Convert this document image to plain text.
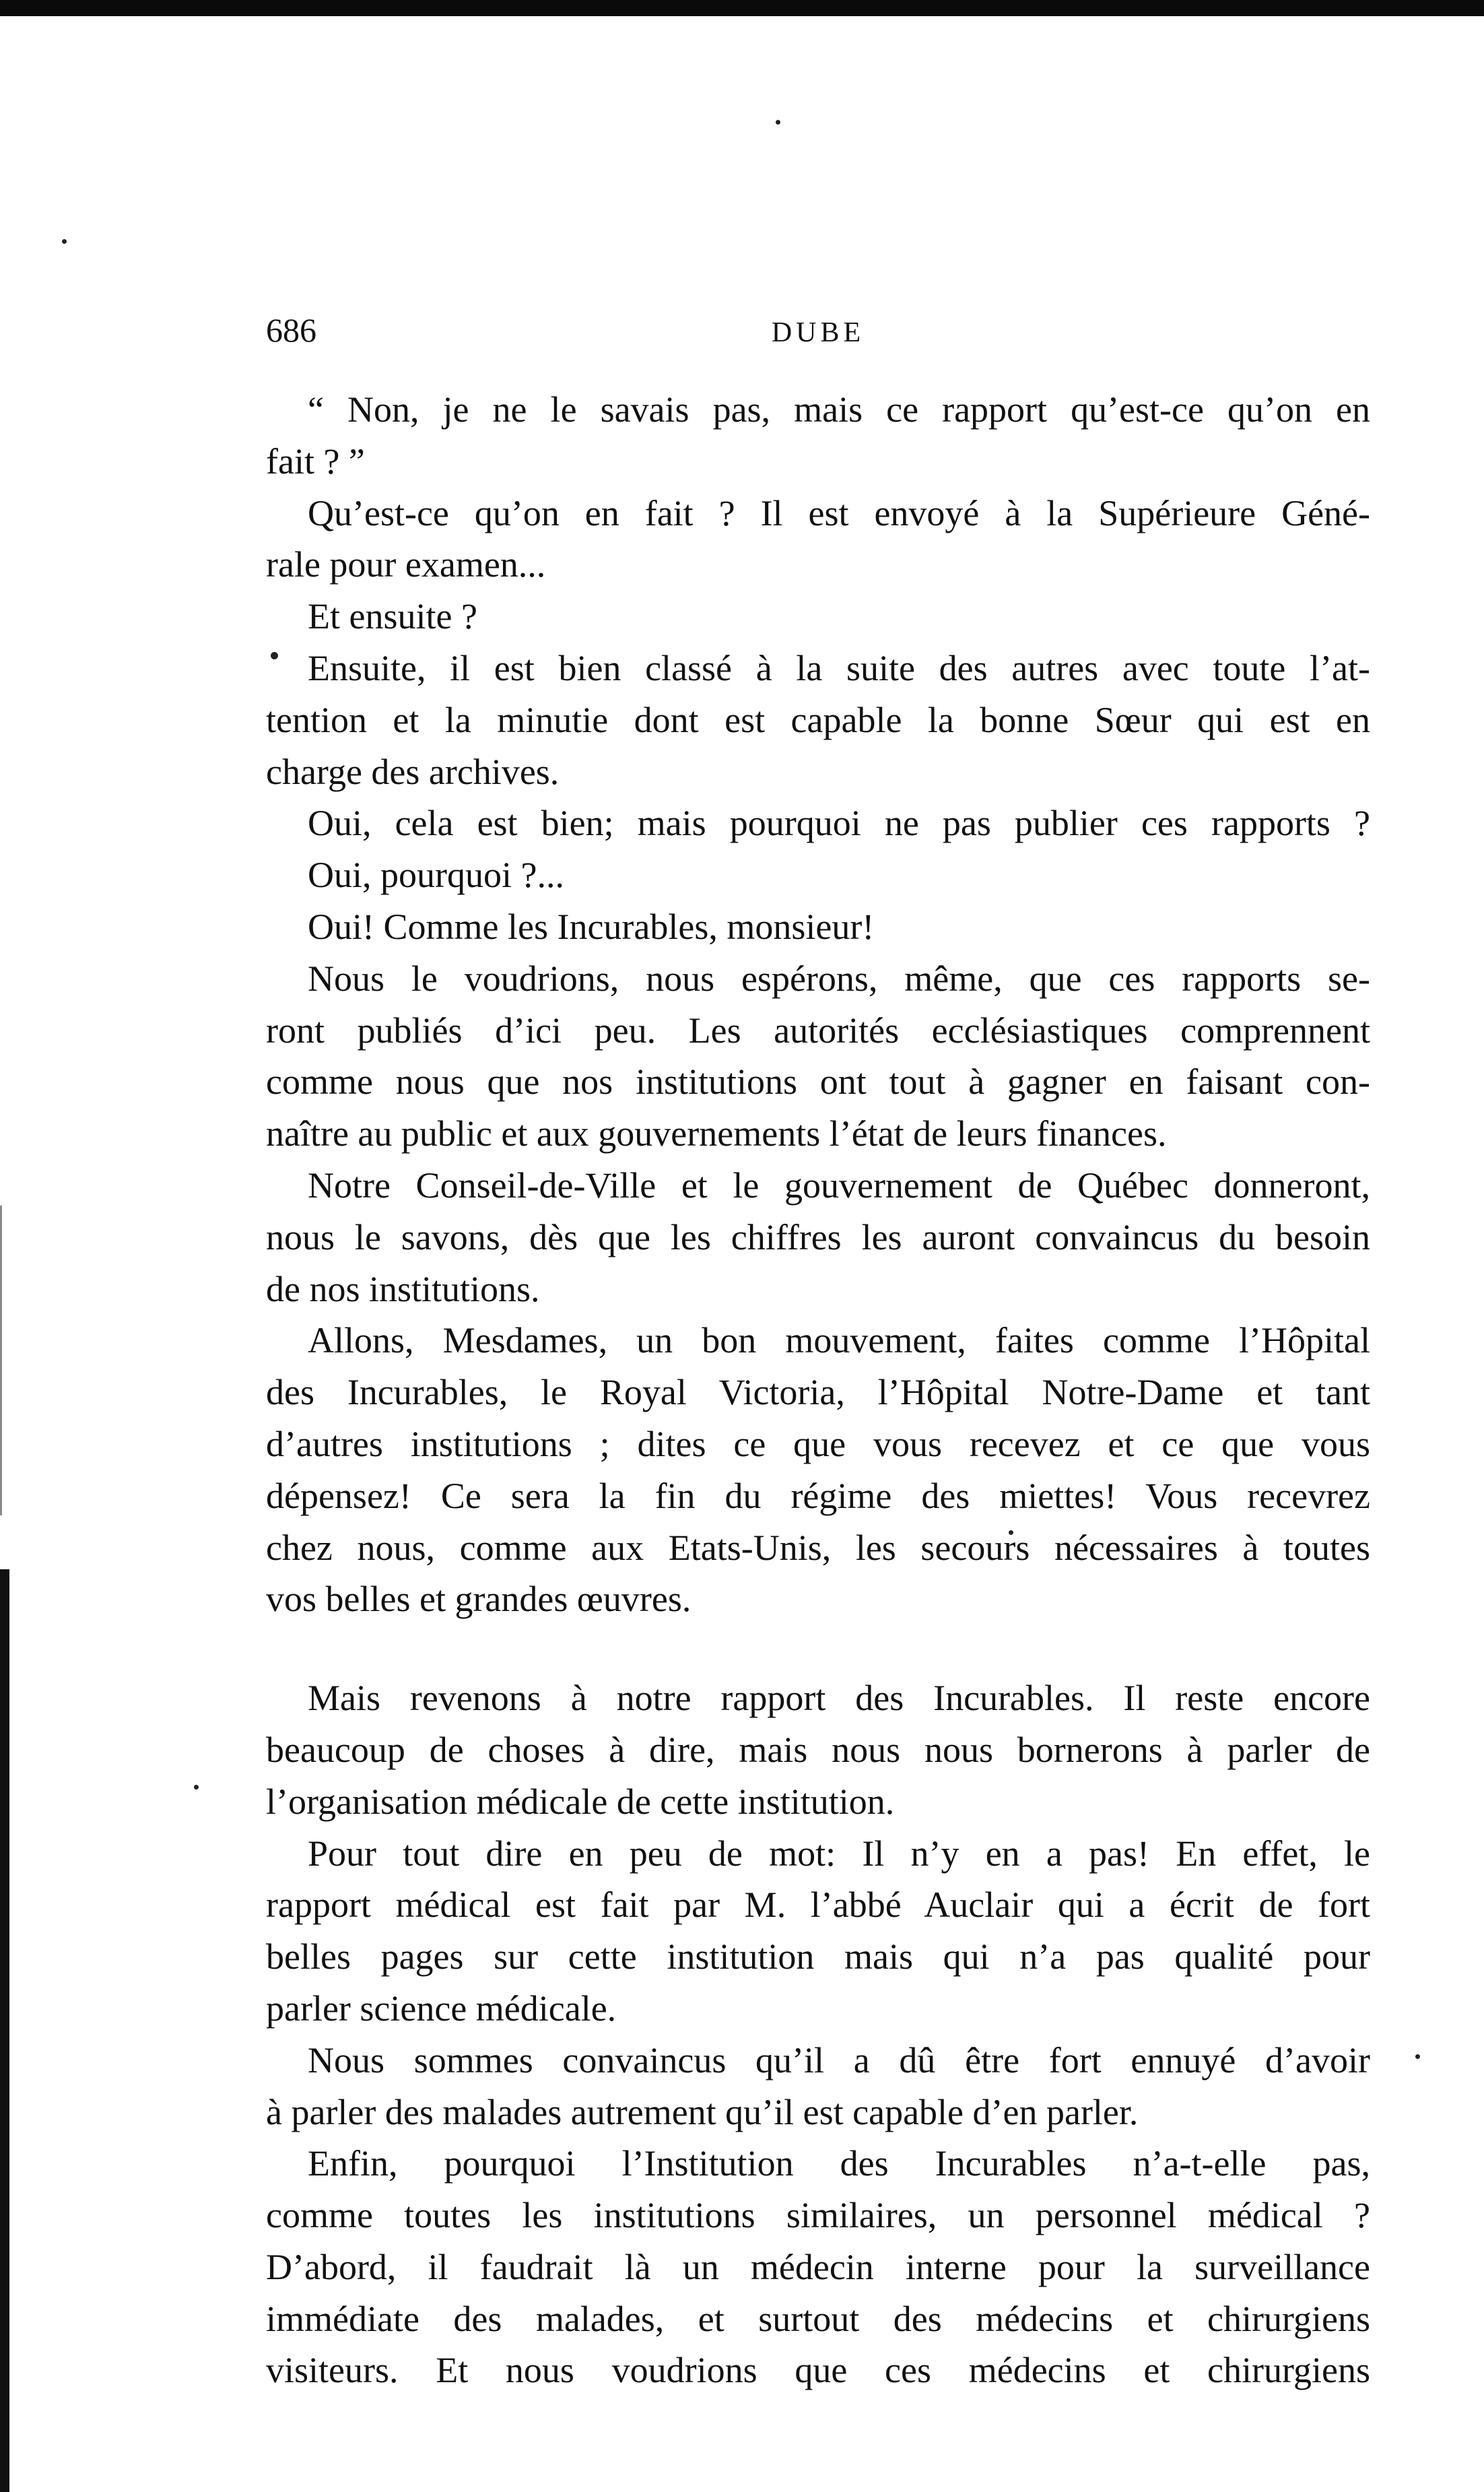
686	DUBE
“ Non, je ne le savais pas, mais ce rapport qu’est-ce qu’on en
fait ? ”
Qu’est-ce qu’on en fait ? Il est envoyé à la Supérieure Géné-
rale pour examen...
Et ensuite ?
Ensuite, il est bien classé à la suite des autres avec toute l’at-
tention et la minutie dont est capable la bonne Sœur qui est en
charge des archives.
Oui, cela est bien; mais pourquoi ne pas publier ces rapports ?
Oui, pourquoi ?...
Oui! Comme les Incurables, monsieur!
Nous le voudrions, nous espérons, même, que ces rapports se-
ront publiés d’ici peu. Les autorités ecclésiastiques comprennent
comme nous que nos institutions ont tout à gagner en faisant con-
naître au public et aux gouvernements l’état de leurs finances.
Notre Conseil-de-Ville et le gouvernement de Québec donneront,
nous le savons, dès que les chiffres les auront convaincus du besoin
de nos institutions.
Allons, Mesdames, un bon mouvement, faites comme l’Hôpital
des Incurables, le Royal Victoria, l’Hôpital Notre-Dame et tant
d’autres institutions ; dites ce que vous recevez et ce que vous
dépensez! Ce sera la fin du régime des miettes! Vous recevrez
chez nous, comme aux Etats-Unis, les secours nécessaires à toutes
vos belles et grandes œuvres.
Mais revenons à notre rapport des Incurables. Il reste encore
beaucoup de choses à dire, mais nous nous bornerons à parler de
l’organisation médicale de cette institution.
Pour tout dire en peu de mot: Il n’y en a pas! En effet, le
rapport médical est fait par M. l’abbé Auclair qui a écrit de fort
belles pages sur cette institution mais qui n’a pas qualité pour
parler science médicale.
Nous sommes convaincus qu’il a dû être fort ennuyé d’avoir
à parler des malades autrement qu’il est capable d’en parler.
Enfin, pourquoi l’Institution des Incurables n’a-t-elle pas,
comme toutes les institutions similaires, un personnel médical ?
D’abord, il faudrait là un médecin interne pour la surveillance
immédiate des malades, et surtout des médecins et chirurgiens
visiteurs. Et nous voudrions que ces médecins et chirurgiens
